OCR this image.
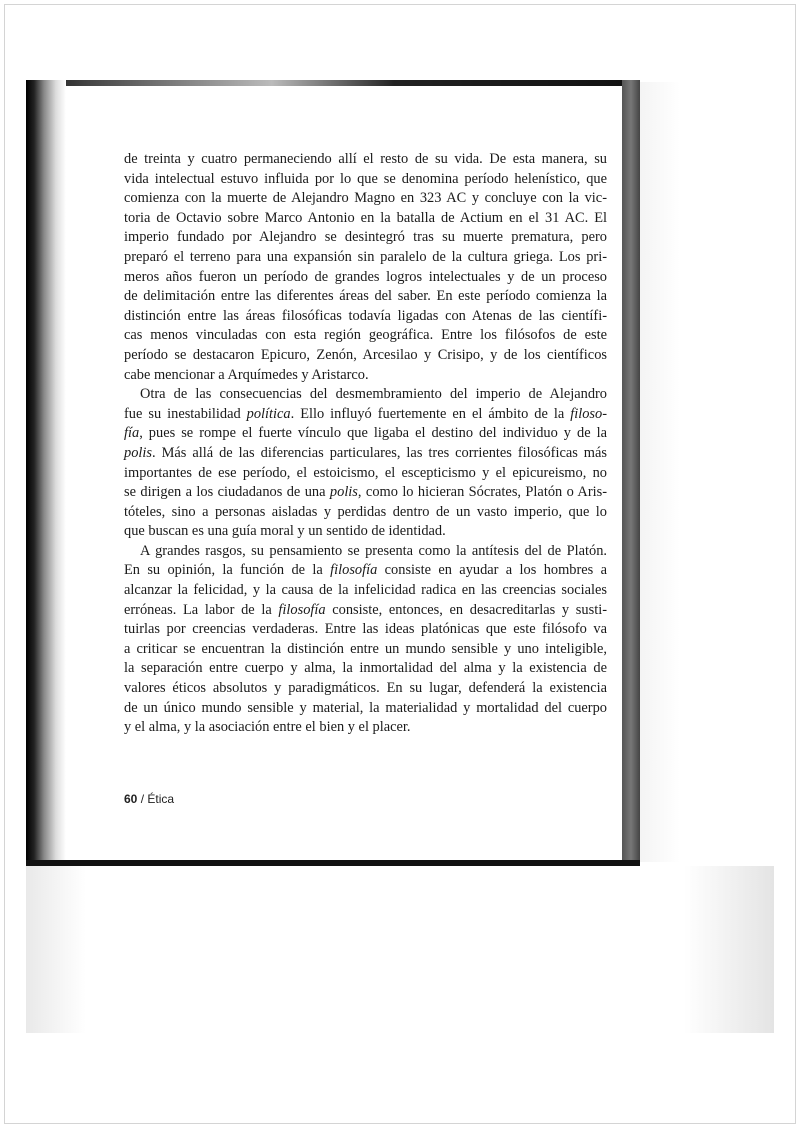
de treinta y cuatro permaneciendo allí el resto de su vida. De esta manera, su
vida intelectual estuvo influida por lo que se denomina período helenístico, que
comienza con la muerte de Alejandro Magno en 323 AC y concluye con la vic-
toria de Octavio sobre Marco Antonio en la batalla de Actium en el 31 AC. El
imperio fundado por Alejandro se desintegró tras su muerte prematura, pero
preparó el terreno para una expansión sin paralelo de la cultura griega. Los pri-
meros años fueron un período de grandes logros intelectuales y de un proceso
de delimitación entre las diferentes áreas del saber. En este período comienza la
distinción entre las áreas filosóficas todavía ligadas con Atenas de las científi-
cas menos vinculadas con esta región geográfica. Entre los filósofos de este
período se destacaron Epicuro, Zenón, Arcesilao y Crisipo, y de los científicos
cabe mencionar a Arquímedes y Aristarco.
Otra de las consecuencias del desmembramiento del imperio de Alejandro
fue su inestabilidad política. Ello influyó fuertemente en el ámbito de la filoso-
fía, pues se rompe el fuerte vínculo que ligaba el destino del individuo y de la
polis. Más allá de las diferencias particulares, las tres corrientes filosóficas más
importantes de ese período, el estoicismo, el escepticismo y el epicureismo, no
se dirigen a los ciudadanos de una polis, como lo hicieran Sócrates, Platón o Aris-
tóteles, sino a personas aisladas y perdidas dentro de un vasto imperio, que lo
que buscan es una guía moral y un sentido de identidad.
A grandes rasgos, su pensamiento se presenta como la antítesis del de Platón.
En su opinión, la función de la filosofía consiste en ayudar a los hombres a
alcanzar la felicidad, y la causa de la infelicidad radica en las creencias sociales
erróneas. La labor de la filosofía consiste, entonces, en desacreditarlas y susti-
tuirlas por creencias verdaderas. Entre las ideas platónicas que este filósofo va
a criticar se encuentran la distinción entre un mundo sensible y uno inteligible,
la separación entre cuerpo y alma, la inmortalidad del alma y la existencia de
valores éticos absolutos y paradigmáticos. En su lugar, defenderá la existencia
de un único mundo sensible y material, la materialidad y mortalidad del cuerpo
y el alma, y la asociación entre el bien y el placer.
60 / Ética
